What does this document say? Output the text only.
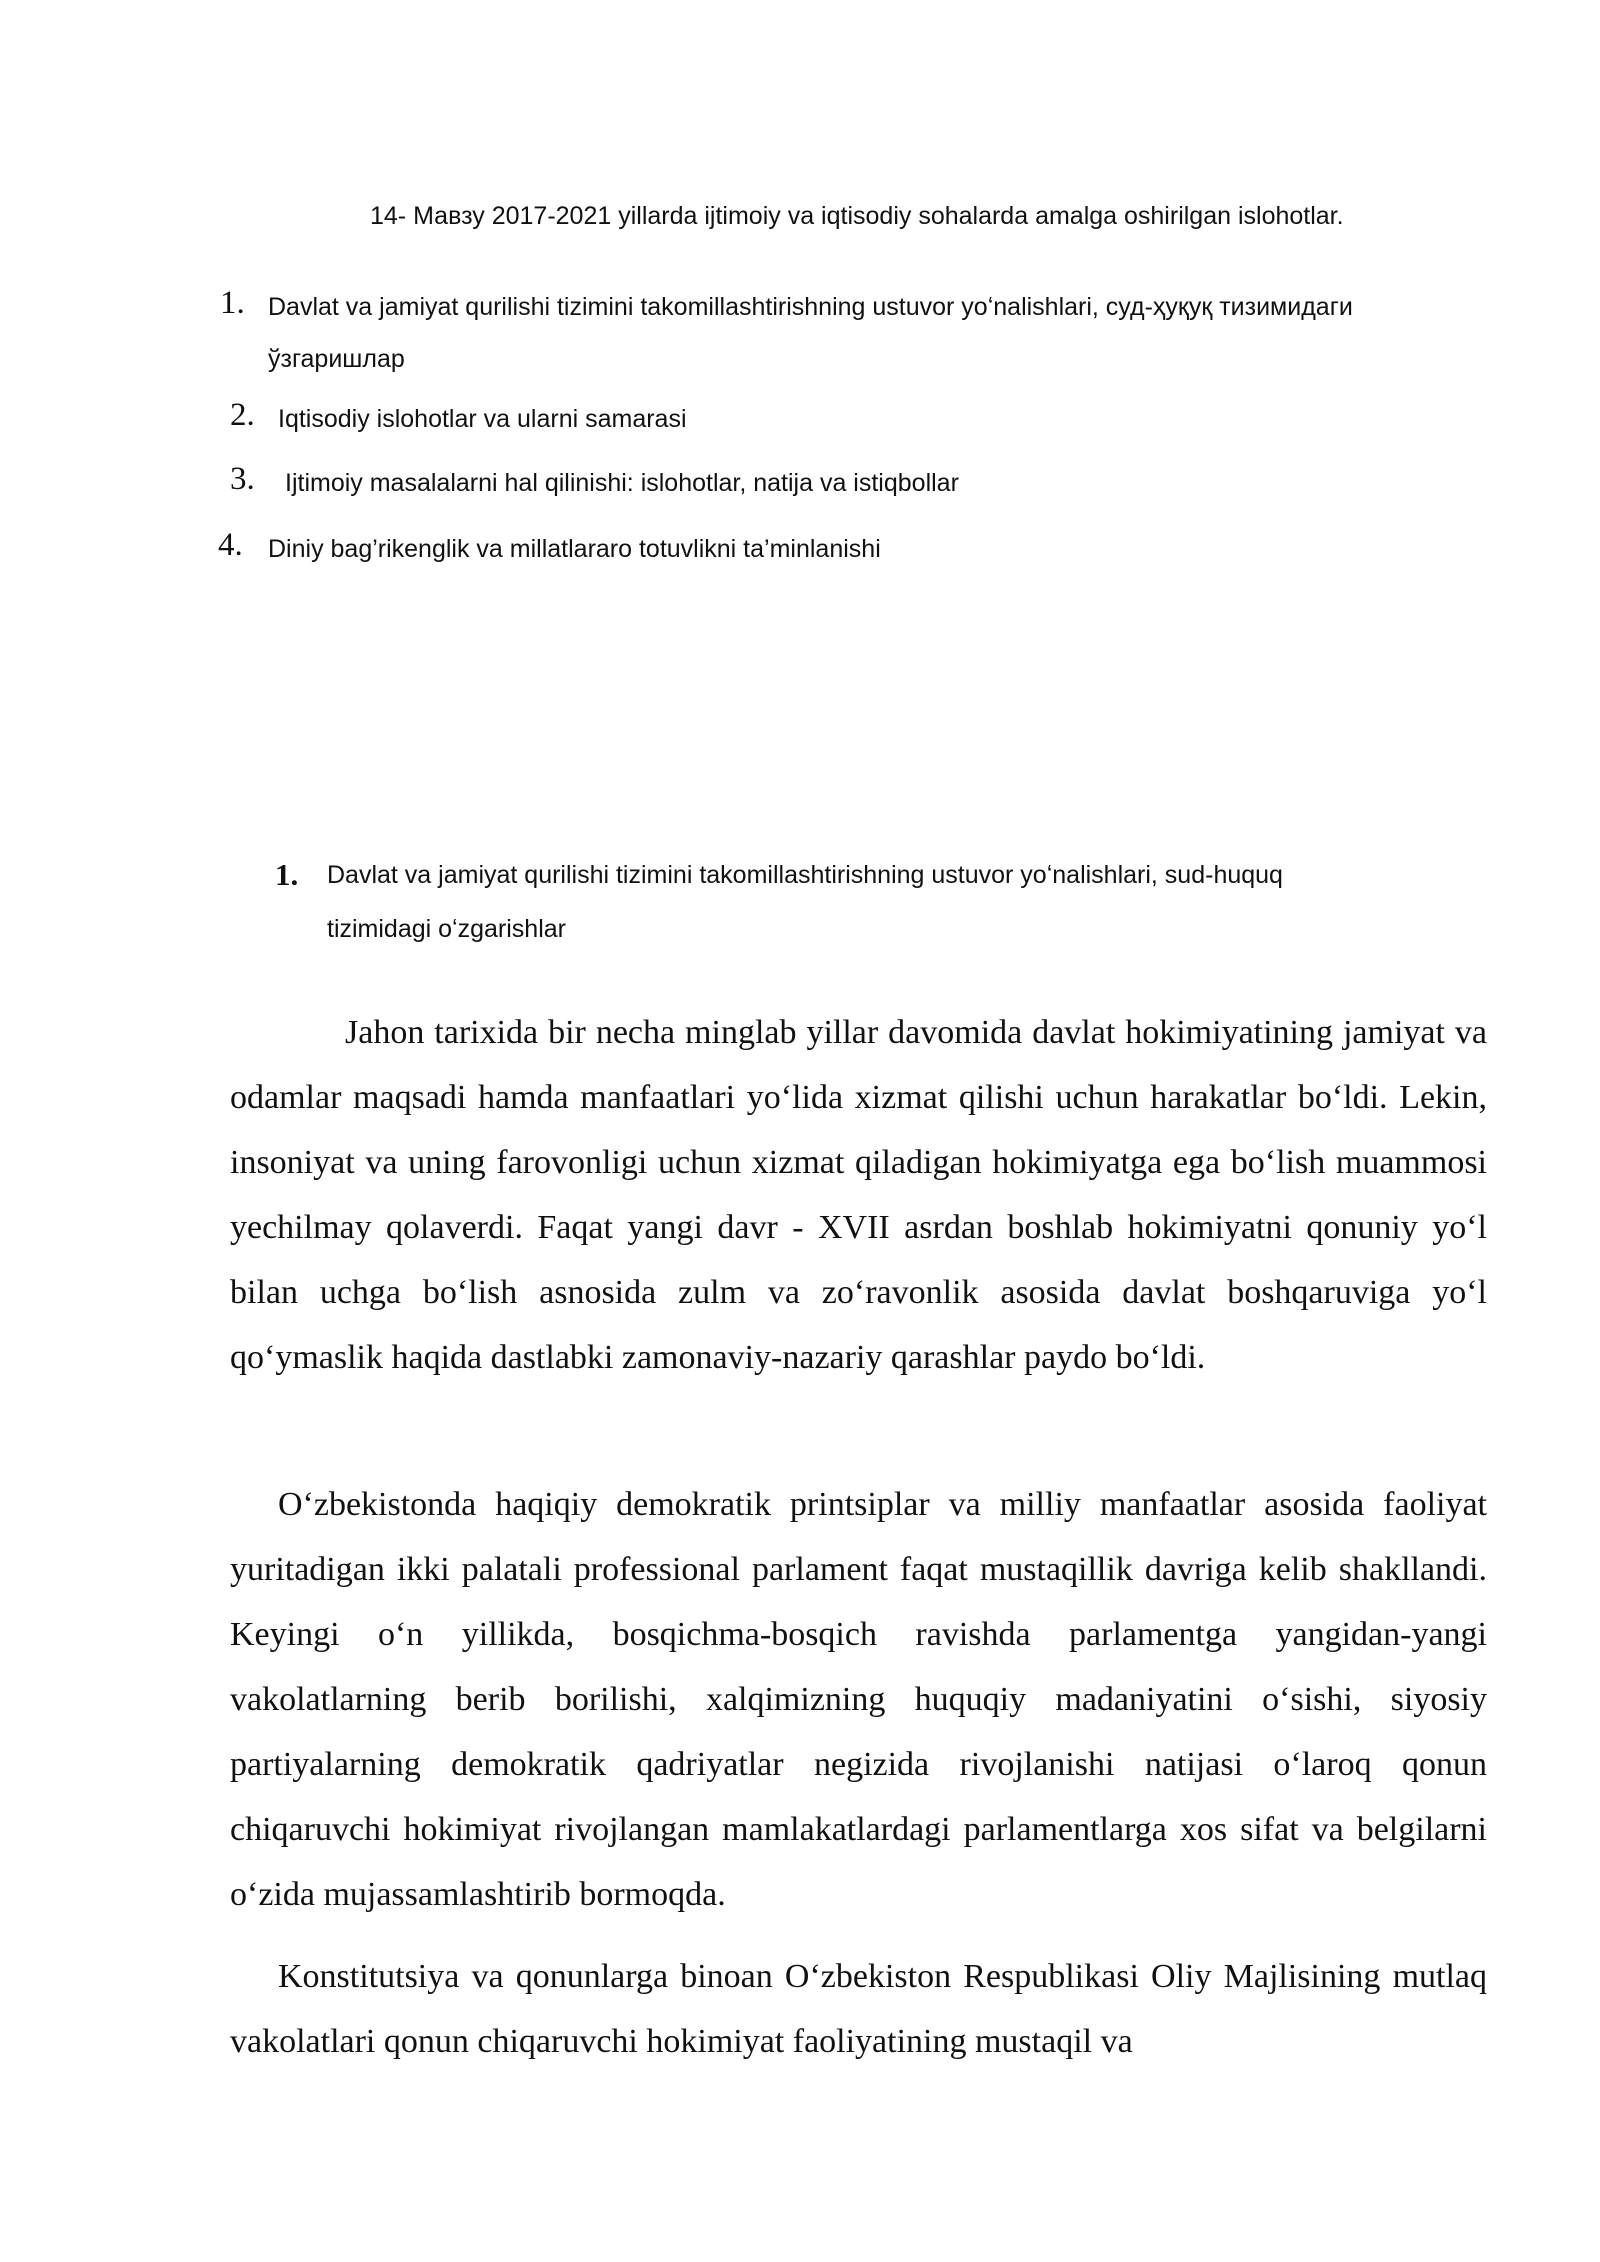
14- Мавзу 2017-2021 yillarda ijtimoiy va iqtisodiy sohalarda amalga oshirilgan islohotlar.
1. Davlat va jamiyat qurilishi tizimini takomillashtirishning ustuvor yoʻnalishlari, суд-ҳуқуқ тизимидаги
ўзгаришлар
2. Iqtisodiy islohotlar va ularni samarasi
3. Ijtimoiy masalalarni hal qilinishi: islohotlar, natija va istiqbollar
4. Diniy bag’rikenglik va millatlararo totuvlikni ta’minlanishi
1. Davlat va jamiyat qurilishi tizimini takomillashtirishning ustuvor yoʻnalishlari, sud-huquq tizimidagi oʻzgarishlar

Jahon tarixida bir necha minglab yillar davomida davlat hokimiyatining jamiyat va odamlar maqsadi hamda manfaatlari yoʻlida xizmat qilishi uchun harakatlar boʻldi. Lekin, insoniyat va uning farovonligi uchun xizmat qiladigan hokimiyatga ega boʻlish muammosi yechilmay qolaverdi. Faqat yangi davr - XVII asrdan boshlab hokimiyatni qonuniy yoʻl bilan uchga boʻlish asnosida zulm va zoʻravonlik asosida davlat boshqaruviga yoʻl qoʻymaslik haqida dastlabki zamonaviy-nazariy qarashlar paydo boʻldi.

Oʻzbekistonda haqiqiy demokratik printsiplar va milliy manfaatlar asosida faoliyat yuritadigan ikki palatali professional parlament faqat mustaqillik davriga kelib shakllandi. Keyingi oʻn yillikda, bosqichma-bosqich ravishda parlamentga yangidan-yangi vakolatlarning berib borilishi, xalqimizning huquqiy madaniyatini oʻsishi, siyosiy partiyalarning demokratik qadriyatlar negizida rivojlanishi natijasi oʻlaroq qonun chiqaruvchi hokimiyat rivojlangan mamlakatlardagi parlamentlarga xos sifat va belgilarni oʻzida mujassamlashtirib bormoqda.

Konstitutsiya va qonunlarga binoan Oʻzbekiston Respublikasi Oliy Majlisining mutlaq vakolatlari qonun chiqaruvchi hokimiyat faoliyatining mustaqil va
